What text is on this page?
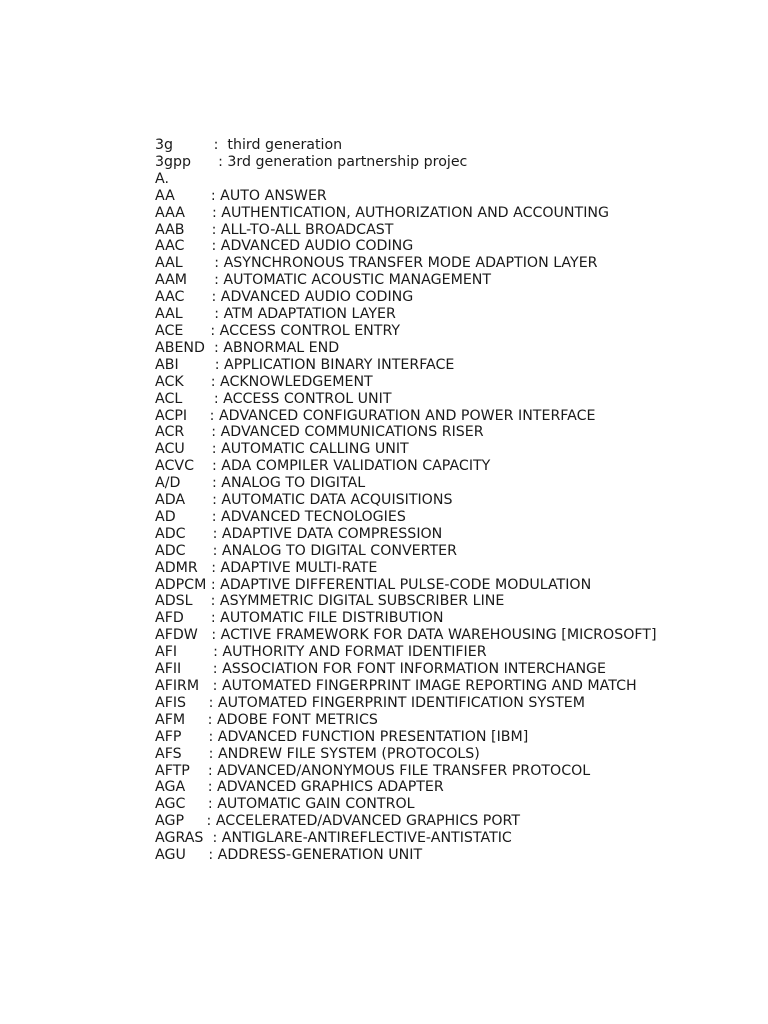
3g         :  third generation

3gpp      : 3rd generation partnership projec

A.

AA        : AUTO ANSWER

AAA      : AUTHENTICATION, AUTHORIZATION AND ACCOUNTING

AAB      : ALL-TO-ALL BROADCAST

AAC      : ADVANCED AUDIO CODING

AAL       : ASYNCHRONOUS TRANSFER MODE ADAPTION LAYER

AAM      : AUTOMATIC ACOUSTIC MANAGEMENT

AAC      : ADVANCED AUDIO CODING

AAL       : ATM ADAPTATION LAYER

ACE      : ACCESS CONTROL ENTRY

ABEND  : ABNORMAL END

ABI        : APPLICATION BINARY INTERFACE

ACK      : ACKNOWLEDGEMENT

ACL       : ACCESS CONTROL UNIT

ACPI     : ADVANCED CONFIGURATION AND POWER INTERFACE

ACR      : ADVANCED COMMUNICATIONS RISER

ACU      : AUTOMATIC CALLING UNIT

ACVC    : ADA COMPILER VALIDATION CAPACITY

A/D       : ANALOG TO DIGITAL

ADA      : AUTOMATIC DATA ACQUISITIONS

AD        : ADVANCED TECNOLOGIES

ADC      : ADAPTIVE DATA COMPRESSION

ADC      : ANALOG TO DIGITAL CONVERTER

ADMR   : ADAPTIVE MULTI-RATE

ADPCM : ADAPTIVE DIFFERENTIAL PULSE-CODE MODULATION

ADSL    : ASYMMETRIC DIGITAL SUBSCRIBER LINE

AFD      : AUTOMATIC FILE DISTRIBUTION

AFDW   : ACTIVE FRAMEWORK FOR DATA WAREHOUSING [MICROSOFT]

AFI        : AUTHORITY AND FORMAT IDENTIFIER

AFII       : ASSOCIATION FOR FONT INFORMATION INTERCHANGE

AFIRM   : AUTOMATED FINGERPRINT IMAGE REPORTING AND MATCH

AFIS     : AUTOMATED FINGERPRINT IDENTIFICATION SYSTEM

AFM     : ADOBE FONT METRICS

AFP      : ADVANCED FUNCTION PRESENTATION [IBM]

AFS      : ANDREW FILE SYSTEM (PROTOCOLS)

AFTP    : ADVANCED/ANONYMOUS FILE TRANSFER PROTOCOL

AGA     : ADVANCED GRAPHICS ADAPTER

AGC     : AUTOMATIC GAIN CONTROL

AGP     : ACCELERATED/ADVANCED GRAPHICS PORT

AGRAS  : ANTIGLARE-ANTIREFLECTIVE-ANTISTATIC

AGU     : ADDRESS-GENERATION UNIT
